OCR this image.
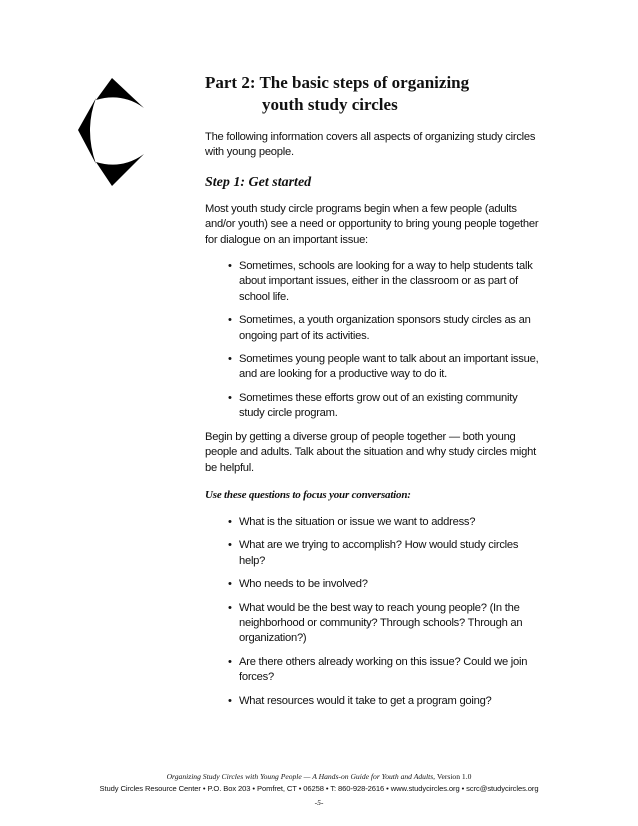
Part 2: The basic steps of organizing
youth study circles

The following information covers all aspects of organizing study circles with young people.

Step 1: Get started

Most youth study circle programs begin when a few people (adults and/or youth) see a need or opportunity to bring young people together for dialogue on an important issue:

• Sometimes, schools are looking for a way to help students talk about important issues, either in the classroom or as part of school life.
• Sometimes, a youth organization sponsors study circles as an ongoing part of its activities.
• Sometimes young people want to talk about an important issue, and are looking for a productive way to do it.
• Sometimes these efforts grow out of an existing community study circle program.

Begin by getting a diverse group of people together — both young people and adults. Talk about the situation and why study circles might be helpful.

Use these questions to focus your conversation:

• What is the situation or issue we want to address?
• What are we trying to accomplish? How would study circles help?
• Who needs to be involved?
• What would be the best way to reach young people? (In the neighborhood or community? Through schools? Through an organization?)
• Are there others already working on this issue? Could we join forces?
• What resources would it take to get a program going?
Organizing Study Circles with Young People — A Hands-on Guide for Youth and Adults, Version 1.0
Study Circles Resource Center • P.O. Box 203 • Pomfret, CT • 06258 • T: 860-928-2616 • www.studycircles.org • scrc@studycircles.org
-5-
